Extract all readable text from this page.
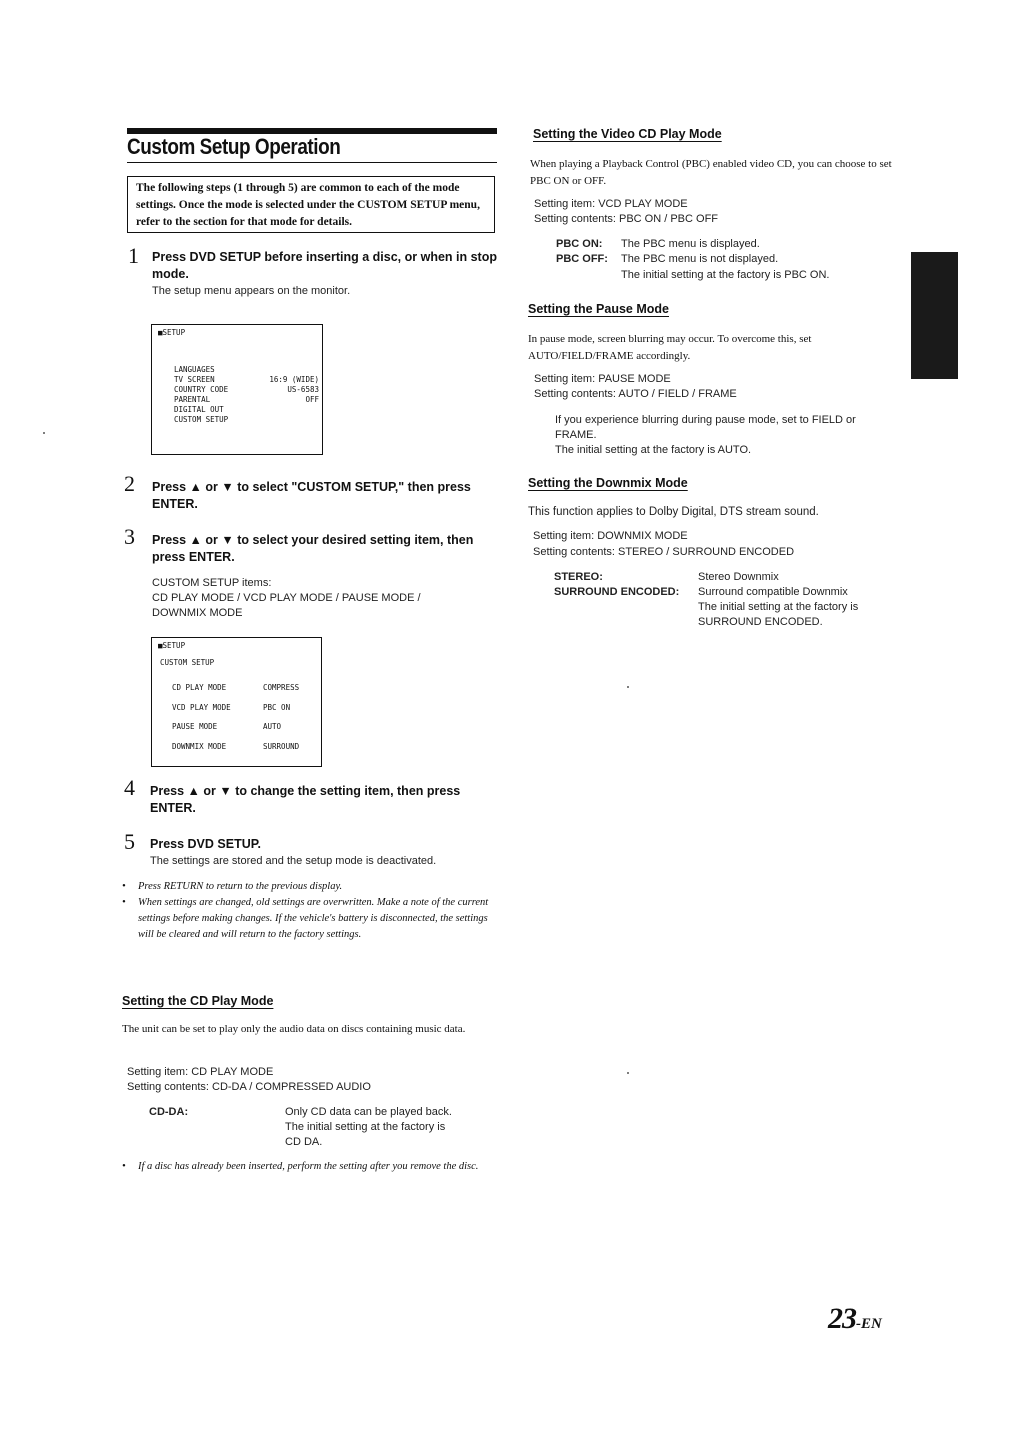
Custom Setup Operation
The following steps (1 through 5) are common to each of the mode settings. Once the mode is selected under the CUSTOM SETUP menu, refer to the section for that mode for details.
1 Press DVD SETUP before inserting a disc, or when in stop mode.
The setup menu appears on the monitor.
■SETUP
LANGUAGES
TV SCREEN	16:9 (WIDE)
COUNTRY CODE	US-6583
PARENTAL	OFF
DIGITAL OUT
CUSTOM SETUP
2 Press ▲ or ▼ to select "CUSTOM SETUP," then press ENTER.
3 Press ▲ or ▼ to select your desired setting item, then press ENTER.
CUSTOM SETUP items:
CD PLAY MODE / VCD PLAY MODE / PAUSE MODE / DOWNMIX MODE
■SETUP
CUSTOM SETUP
CD PLAY MODE	COMPRESS
VCD PLAY MODE	PBC ON
PAUSE MODE	AUTO
DOWNMIX MODE	SURROUND
4 Press ▲ or ▼ to change the setting item, then press ENTER.
5 Press DVD SETUP.
The settings are stored and the setup mode is deactivated.
• Press RETURN to return to the previous display.
• When settings are changed, old settings are overwritten. Make a note of the current settings before making changes. If the vehicle's battery is disconnected, the settings will be cleared and will return to the factory settings.
Setting the CD Play Mode
The unit can be set to play only the audio data on discs containing music data.
Setting item: CD PLAY MODE
Setting contents: CD-DA / COMPRESSED AUDIO
CD-DA:	Only CD data can be played back.
The initial setting at the factory is
CD DA.
• If a disc has already been inserted, perform the setting after you remove the disc.
Setting the Video CD Play Mode
When playing a Playback Control (PBC) enabled video CD, you can choose to set PBC ON or OFF.
Setting item: VCD PLAY MODE
Setting contents: PBC ON / PBC OFF
PBC ON: The PBC menu is displayed.
PBC OFF: The PBC menu is not displayed.
The initial setting at the factory is PBC ON.
Setting the Pause Mode
In pause mode, screen blurring may occur. To overcome this, set AUTO/FIELD/FRAME accordingly.
Setting item: PAUSE MODE
Setting contents: AUTO / FIELD / FRAME
If you experience blurring during pause mode, set to FIELD or FRAME.
The initial setting at the factory is AUTO.
Setting the Downmix Mode
This function applies to Dolby Digital, DTS stream sound.
Setting item: DOWNMIX MODE
Setting contents: STEREO / SURROUND ENCODED
STEREO:	Stereo Downmix
SURROUND ENCODED: Surround compatible Downmix
The initial setting at the factory is
SURROUND ENCODED.
23-EN
